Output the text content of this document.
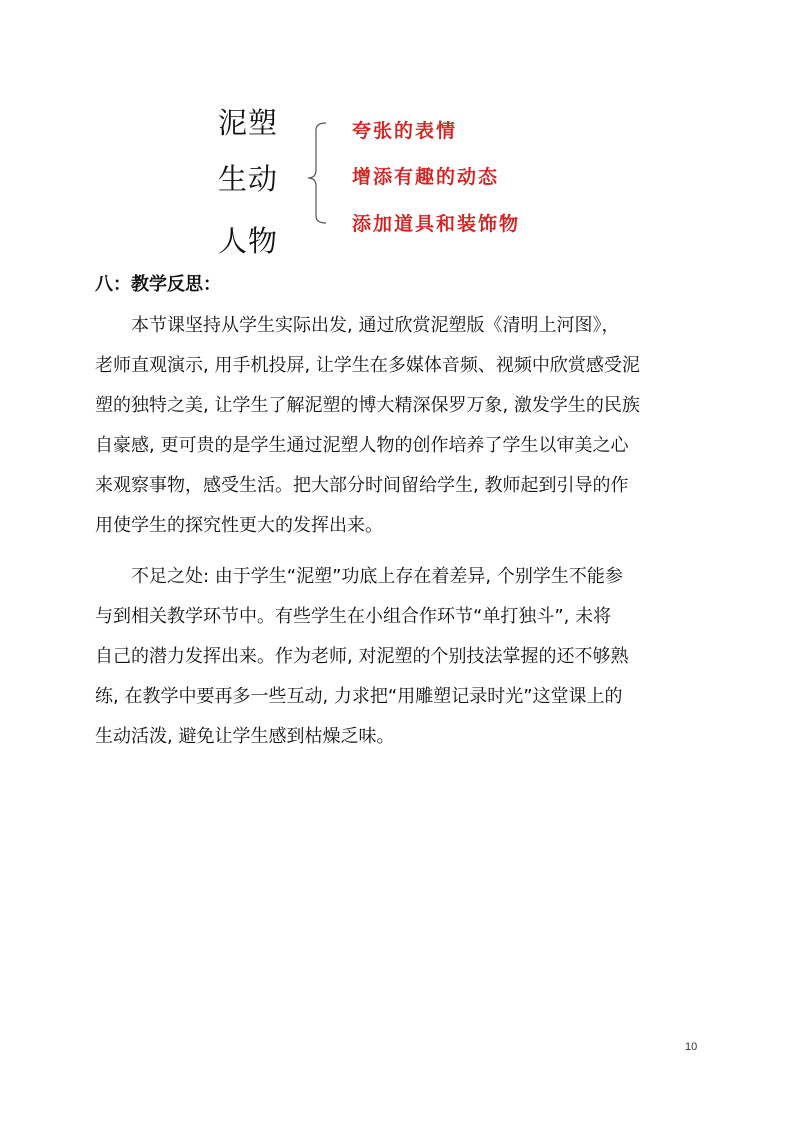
泥塑
生动
人物
夸张的表情
增添有趣的动态
添加道具和装饰物
八：教学反思：
本节课坚持从学生实际出发, 通过欣赏泥塑版《清明上河图》，
老师直观演示, 用手机投屏, 让学生在多媒体音频、视频中欣赏感受泥
塑的独特之美, 让学生了解泥塑的博大精深保罗万象, 激发学生的民族
自豪感, 更可贵的是学生通过泥塑人物的创作培养了学生以审美之心
来观察事物，感受生活。把大部分时间留给学生, 教师起到引导的作
用使学生的探究性更大的发挥出来。
不足之处: 由于学生“泥塑”功底上存在着差异, 个别学生不能参
与到相关教学环节中。有些学生在小组合作环节“单打独斗”, 未将
自己的潜力发挥出来。作为老师, 对泥塑的个别技法掌握的还不够熟
练, 在教学中要再多一些互动, 力求把“用雕塑记录时光”这堂课上的
生动活泼, 避免让学生感到枯燥乏味。
10
